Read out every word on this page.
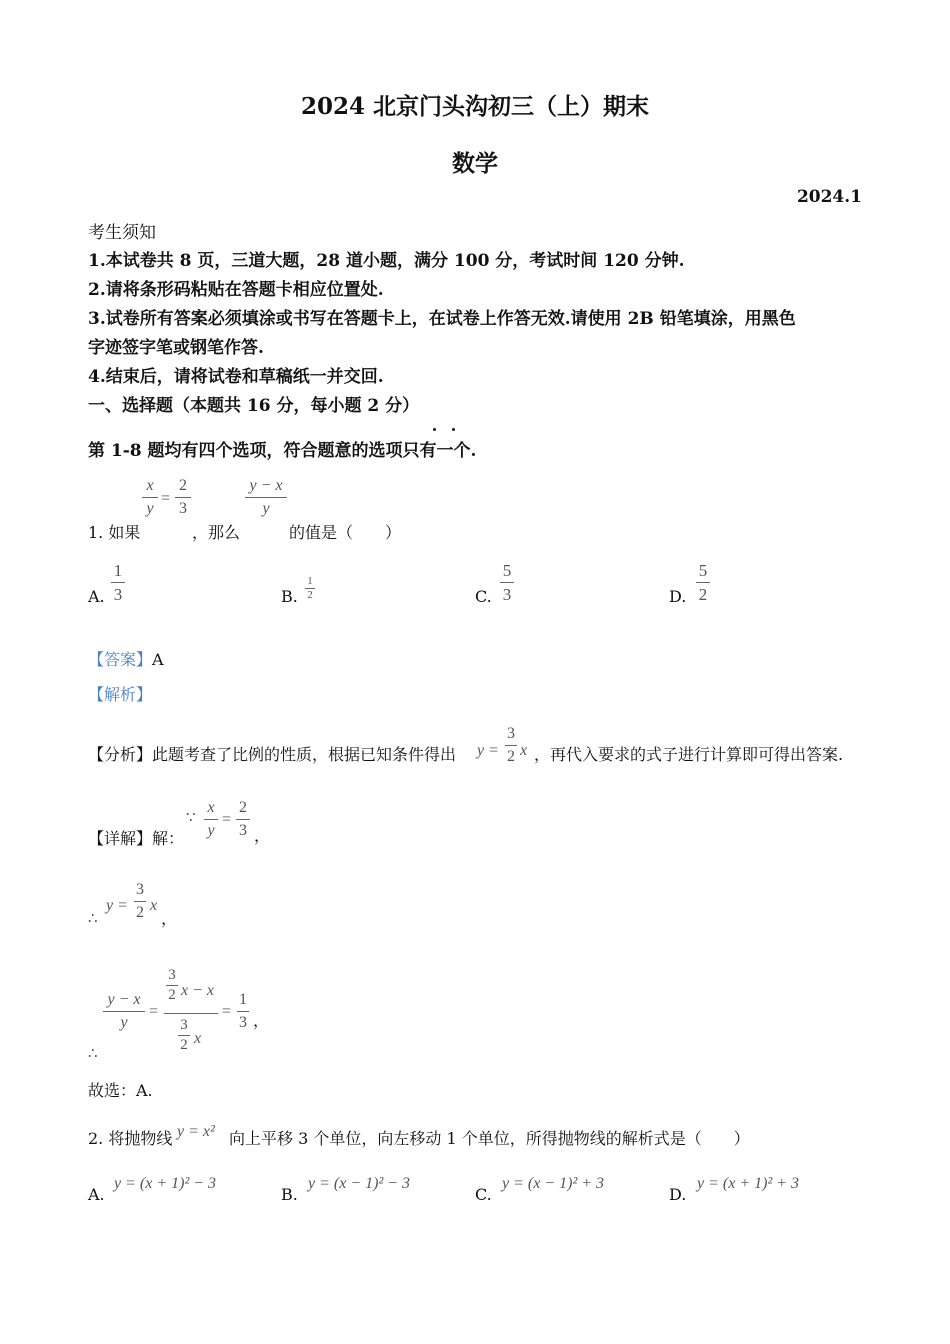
2024 北京门头沟初三（上）期末
数学
2024.1
考生须知
1.本试卷共 8 页，三道大题，28 道小题，满分 100 分，考试时间 120 分钟.
2.请将条形码粘贴在答题卡相应位置处.
3.试卷所有答案必须填涂或书写在答题卡上，在试卷上作答无效.请使用 2B 铅笔填涂，用黑色
字迹签字笔或钢笔作答.
4.结束后，请将试卷和草稿纸一并交回.
一、选择题（本题共 16 分，每小题 2 分）
第 1-8 题均有四个选项，符合题意的选项只有一个.
x
y
=
2
3
y − x
y
1. 如果	，那么	的值是（　　）
A.
1
3	B.
1
2	C.
5
3	D.
5
2
【答案】A
【解析】
【分析】此题考查了比例的性质，根据已知条件得出 y =
3
2 x ，再代入要求的式子进行计算即可得出答案.
【详解】解：
∵
x
y
=
2
3 ，
∴
y =
3
2 x
，
∴
y − x
y
=
3
2 x − x
3
2 x
=
1
3 ，
故选：A.
2. 将抛物线 y = x² 向上平移 3 个单位，向左移动 1 个单位，所得抛物线的解析式是（　　）
A.
y = (x + 1)² − 3
B.
y = (x − 1)² − 3
C.
y = (x − 1)² + 3
D.
y = (x + 1)² + 3
